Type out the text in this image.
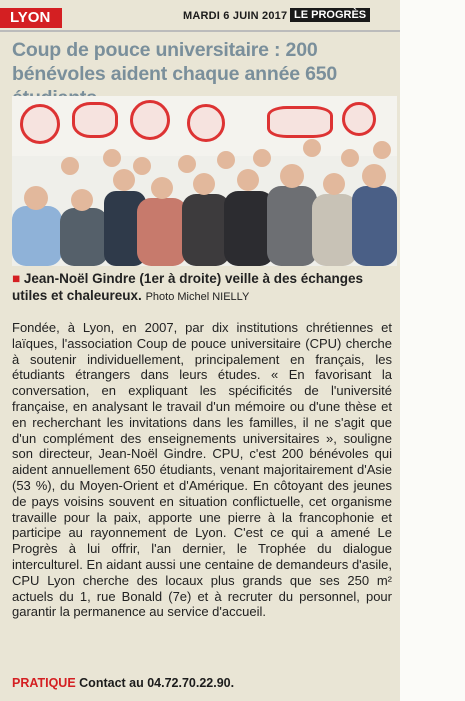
LYON	MARDI 6 JUIN 2017 LE PROGRÈS
Coup de pouce universitaire : 200 bénévoles aident chaque année 650
■ Jean-Noël Gindre (1er à droite) veille à des échanges utiles et chaleureux. Photo Michel NIELLY

Fondée, à Lyon, en 2007, par dix institutions chrétiennes et laïques, l'association Coup de pouce universitaire (CPU) cherche à soutenir individuellement, principalement en français, les étudiants étrangers dans leurs études. « En favorisant la conversation, en expliquant les spécificités de l'université française, en analysant le travail d'un mémoire ou d'une thèse et en recherchant les invitations dans les familles, il ne s'agit que d'un complément des enseignements universitaires », souligne son directeur, Jean-Noël Gindre. CPU, c'est 200 bénévoles qui aident annuellement 650 étudiants, venant majoritairement d'Asie (53 %), du Moyen-Orient et d'Amérique. En côtoyant des jeunes de pays voisins souvent en situation conflictuelle, cet organisme travaille pour la paix, apporte une pierre à la francophonie et participe au rayonnement de Lyon. C'est ce qui a amené Le Progrès à lui offrir, l'an dernier, le Trophée du dialogue interculturel. En aidant aussi une centaine de demandeurs d'asile, CPU Lyon cherche des locaux plus grands que ses 250 m² actuels du 1, rue Bonald (7e) et à recruter du personnel, pour garantir la permanence au service d'accueil.

PRATIQUE Contact au 04.72.70.22.90.
